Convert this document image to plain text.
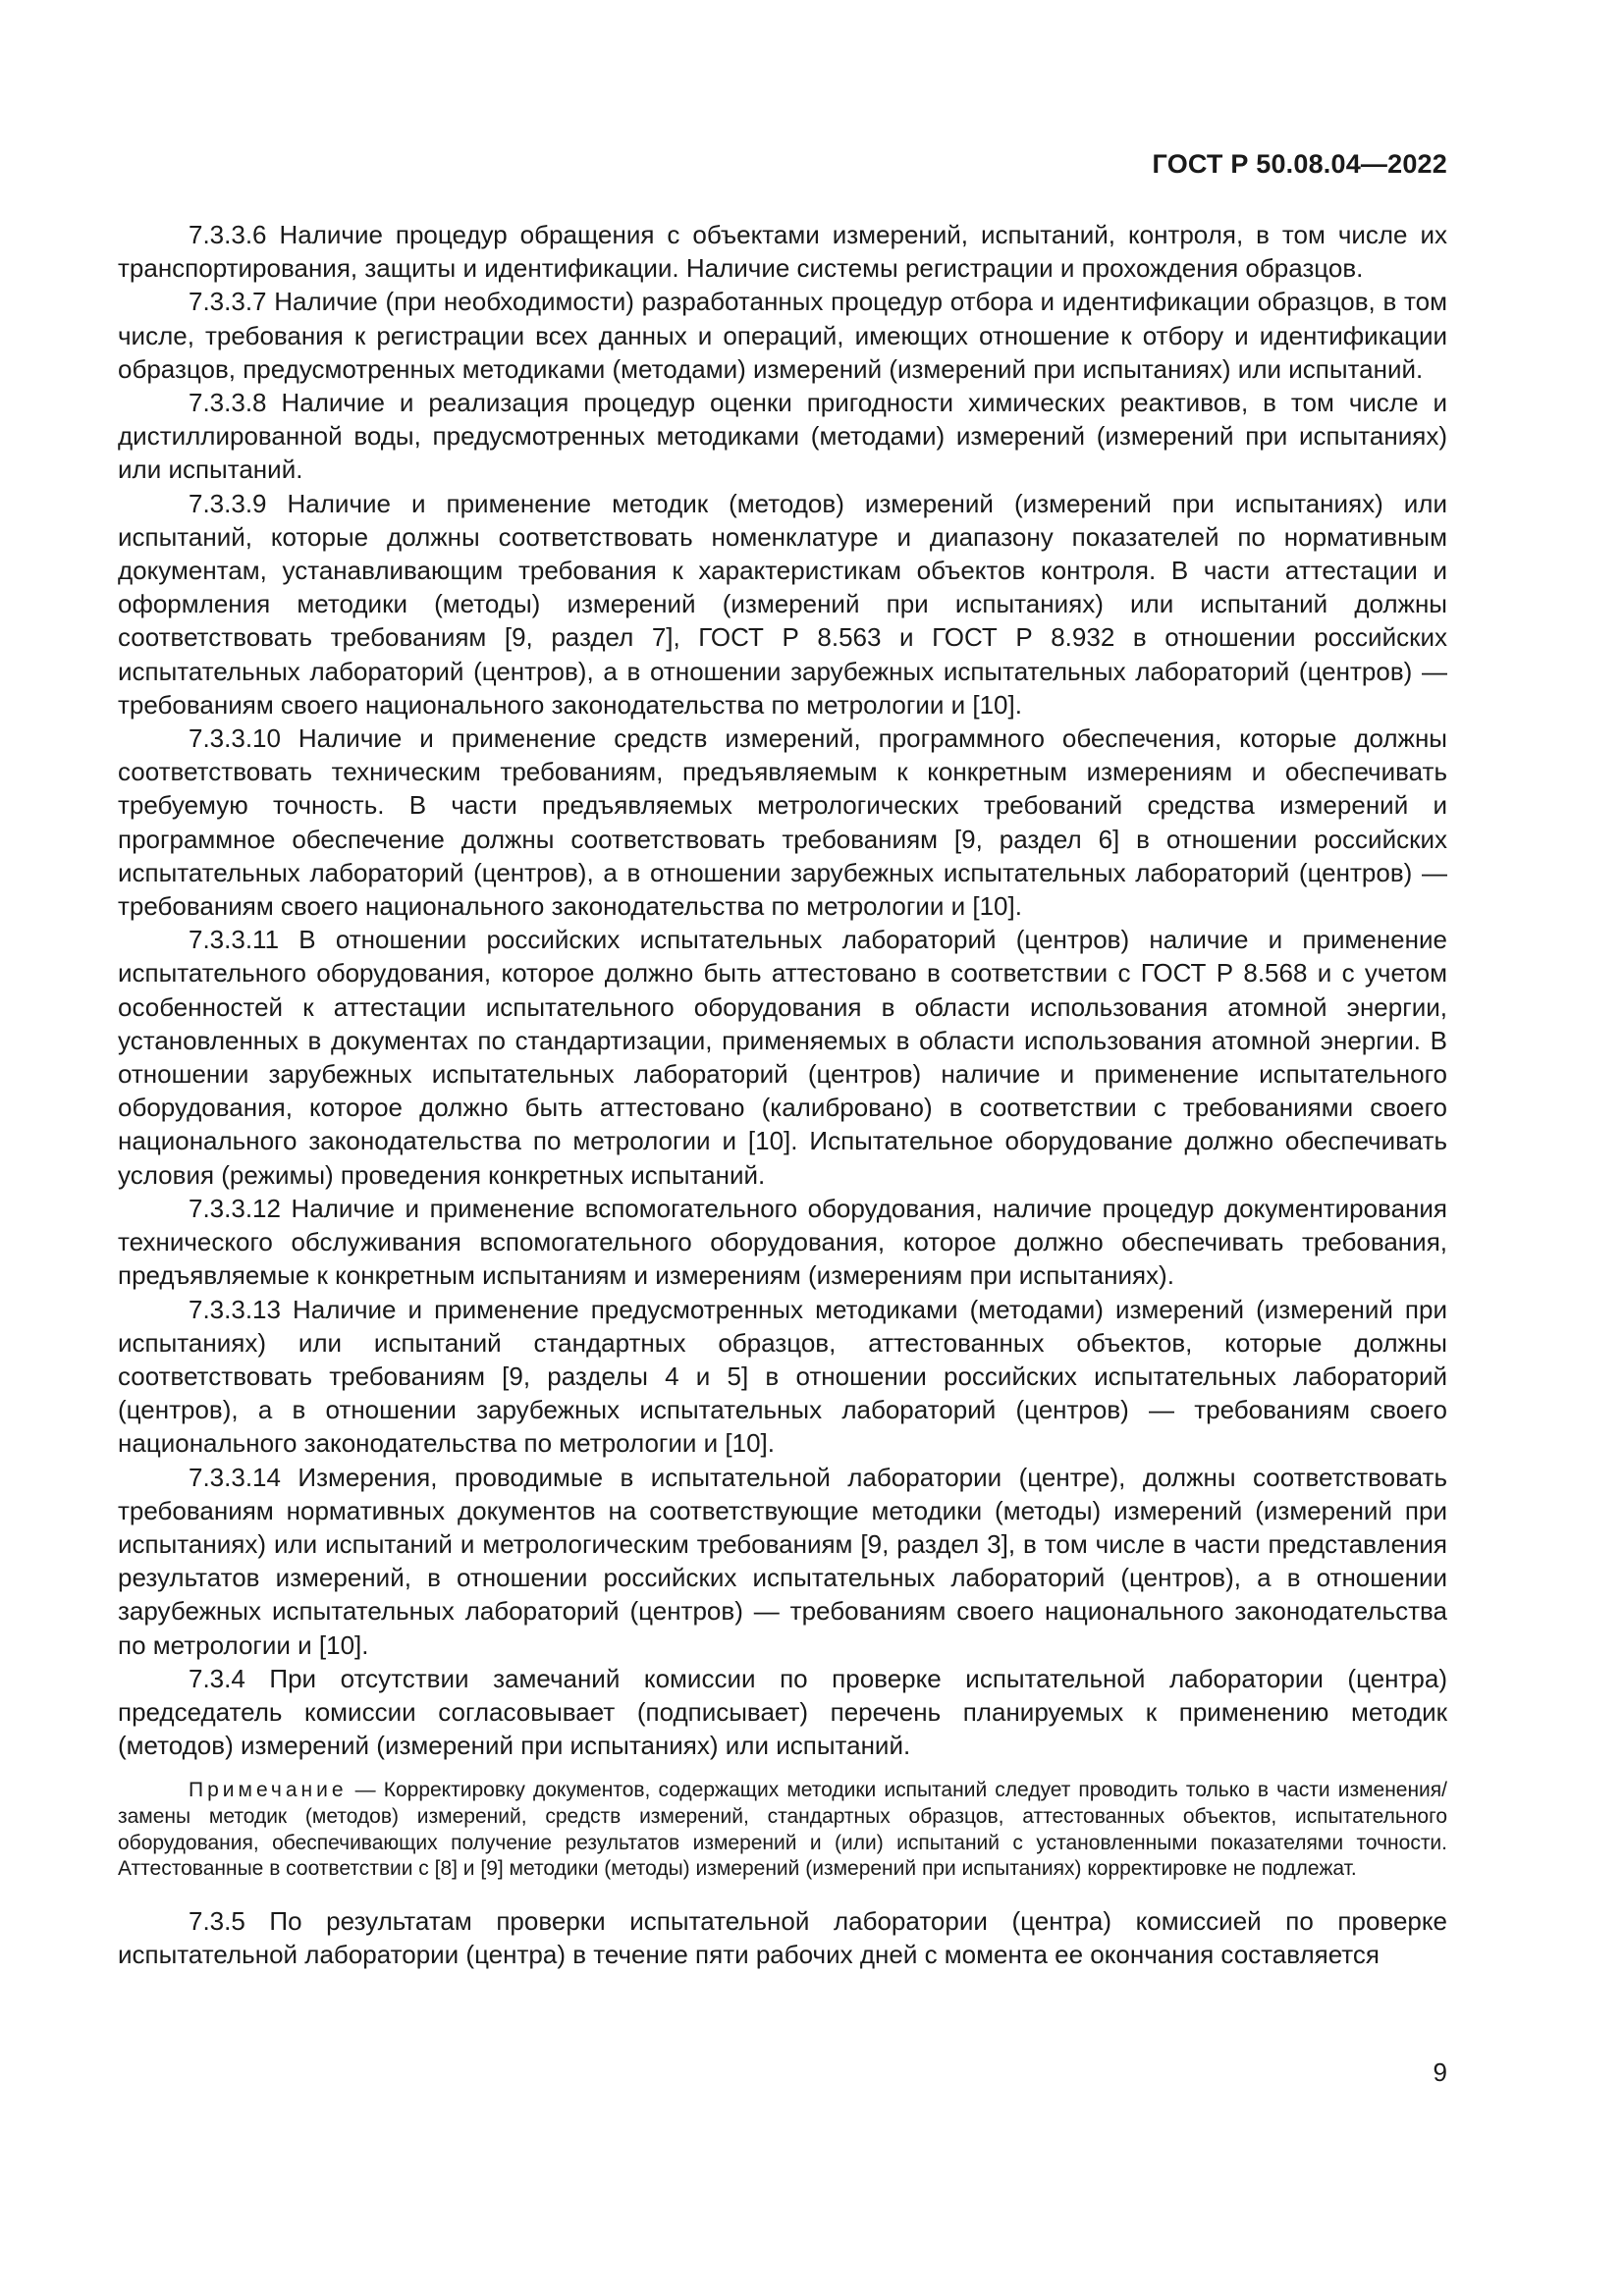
ГОСТ Р 50.08.04—2022

7.3.3.6 Наличие процедур обращения с объектами измерений, испытаний, контроля, в том числе их транспортирования, защиты и идентификации. Наличие системы регистрации и прохождения образцов.

7.3.3.7 Наличие (при необходимости) разработанных процедур отбора и идентификации образцов, в том числе, требования к регистрации всех данных и операций, имеющих отношение к отбору и идентификации образцов, предусмотренных методиками (методами) измерений (измерений при испытаниях) или испытаний.

7.3.3.8 Наличие и реализация процедур оценки пригодности химических реактивов, в том числе и дистиллированной воды, предусмотренных методиками (методами) измерений (измерений при испытаниях) или испытаний.

7.3.3.9 Наличие и применение методик (методов) измерений (измерений при испытаниях) или испытаний, которые должны соответствовать номенклатуре и диапазону показателей по нормативным документам, устанавливающим требования к характеристикам объектов контроля. В части аттестации и оформления методики (методы) измерений (измерений при испытаниях) или испытаний должны соответствовать требованиям [9, раздел 7], ГОСТ Р 8.563 и ГОСТ Р 8.932 в отношении российских испытательных лабораторий (центров), а в отношении зарубежных испытательных лабораторий (центров) — требованиям своего национального законодательства по метрологии и [10].

7.3.3.10 Наличие и применение средств измерений, программного обеспечения, которые должны соответствовать техническим требованиям, предъявляемым к конкретным измерениям и обеспечивать требуемую точность. В части предъявляемых метрологических требований средства измерений и программное обеспечение должны соответствовать требованиям [9, раздел 6] в отношении российских испытательных лабораторий (центров), а в отношении зарубежных испытательных лабораторий (центров) — требованиям своего национального законодательства по метрологии и [10].

7.3.3.11 В отношении российских испытательных лабораторий (центров) наличие и применение испытательного оборудования, которое должно быть аттестовано в соответствии с ГОСТ Р 8.568 и с учетом особенностей к аттестации испытательного оборудования в области использования атомной энергии, установленных в документах по стандартизации, применяемых в области использования атомной энергии. В отношении зарубежных испытательных лабораторий (центров) наличие и применение испытательного оборудования, которое должно быть аттестовано (калибровано) в соответствии с требованиями своего национального законодательства по метрологии и [10]. Испытательное оборудование должно обеспечивать условия (режимы) проведения конкретных испытаний.

7.3.3.12 Наличие и применение вспомогательного оборудования, наличие процедур документирования технического обслуживания вспомогательного оборудования, которое должно обеспечивать требования, предъявляемые к конкретным испытаниям и измерениям (измерениям при испытаниях).

7.3.3.13 Наличие и применение предусмотренных методиками (методами) измерений (измерений при испытаниях) или испытаний стандартных образцов, аттестованных объектов, которые должны соответствовать требованиям [9, разделы 4 и 5] в отношении российских испытательных лабораторий (центров), а в отношении зарубежных испытательных лабораторий (центров) — требованиям своего национального законодательства по метрологии и [10].

7.3.3.14 Измерения, проводимые в испытательной лаборатории (центре), должны соответствовать требованиям нормативных документов на соответствующие методики (методы) измерений (измерений при испытаниях) или испытаний и метрологическим требованиям [9, раздел 3], в том числе в части представления результатов измерений, в отношении российских испытательных лабораторий (центров), а в отношении зарубежных испытательных лабораторий (центров) — требованиям своего национального законодательства по метрологии и [10].

7.3.4 При отсутствии замечаний комиссии по проверке испытательной лаборатории (центра) председатель комиссии согласовывает (подписывает) перечень планируемых к применению методик (методов) измерений (измерений при испытаниях) или испытаний.

Примечание — Корректировку документов, содержащих методики испытаний следует проводить только в части изменения/замены методик (методов) измерений, средств измерений, стандартных образцов, аттестованных объектов, испытательного оборудования, обеспечивающих получение результатов измерений и (или) испытаний с установленными показателями точности. Аттестованные в соответствии с [8] и [9] методики (методы) измерений (измерений при испытаниях) корректировке не подлежат.

7.3.5 По результатам проверки испытательной лаборатории (центра) комиссией по проверке испытательной лаборатории (центра) в течение пяти рабочих дней с момента ее окончания составляется

9
